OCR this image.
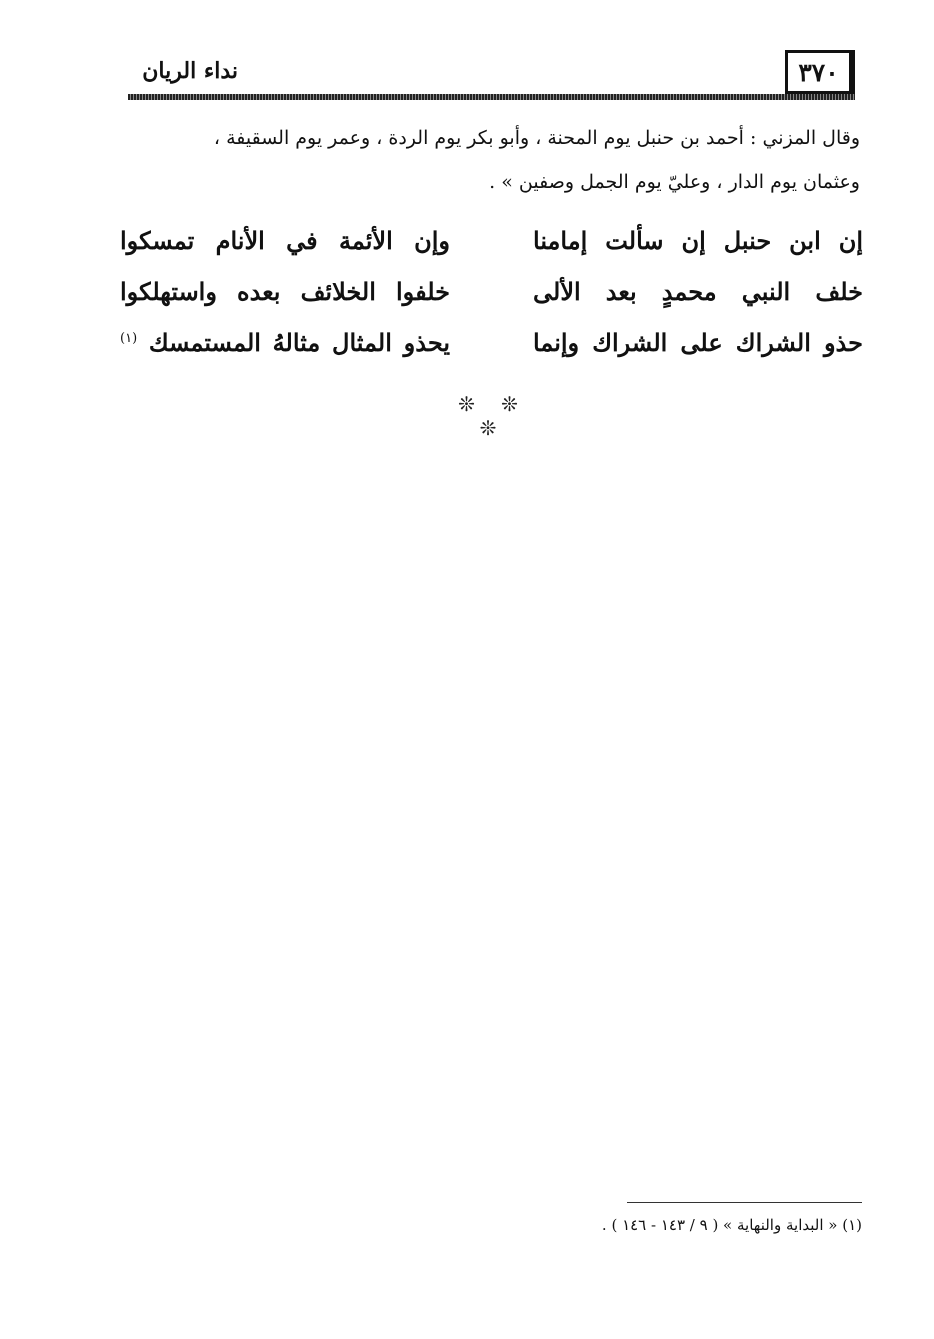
٣٧٠
نداء الريان
وقال المزني : أحمد بن حنبل يوم المحنة ، وأبو بكر يوم الردة ، وعمر يوم السقيفة ،
وعثمان يوم الدار ، وعليّ يوم الجمل وصفين » .
إن ابن حنبل إن سألت إمامنا
وإن الأئمة في الأنام تمسكوا
خلف النبي محمدٍ بعد الألى
خلفوا الخلائف بعده واستهلكوا
حذو الشراك على الشراك وإنما
يحذو المثال مثالهُ المستمسك $^{(١)}$
❊ ❊ ❊
(١) « البداية والنهاية » ( ٩ / ١٤٣ - ١٤٦ ) .
